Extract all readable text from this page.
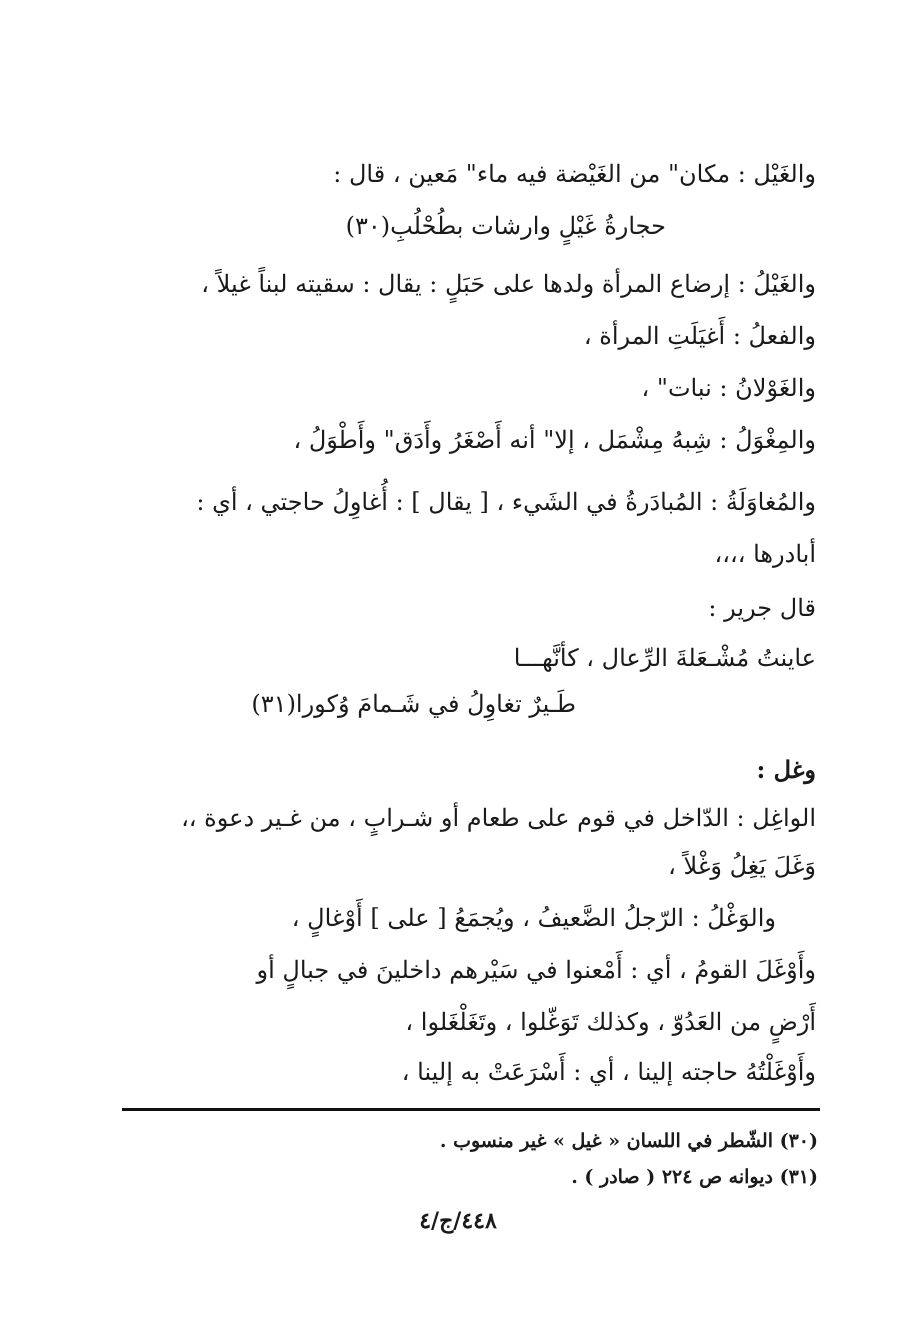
والغَيْل : مكان" من الغَيْضة فيه ماء" مَعين ، قال :
حجارةُ غَيْلٍ وارشات بطُحْلُبِ(٣٠)
والغَيْلُ : إرضاع المرأة ولدها على حَبَلٍ : يقال : سقيته لبناً غيلاً ،
والفعلُ : أَغيَلَتِ المرأة ،
والغَوْلانُ : نبات" ،
والمِغْوَلُ : شِبهُ مِشْمَل ، إلا" أنه أَصْغَرُ وأَدَق" وأَطْوَلُ ،
والمُغاوَلَةُ : المُبادَرةُ في الشَيء ، [ يقال ] : أُغاوِلُ حاجتي ، أي :
أبادرها ،،،،
قال جرير :
عاينتُ مُشْـعَلةَ الرِّعال ، كأنَّهـــا
طَـيرٌ تغاوِلُ في شَـمامَ وُكورا(٣١)
وغل :
الواغِل : الدّاخل في قوم على طعام أو شـرابٍ ، من غـير دعوة ،،
وَغَلَ يَغِلُ وَغْلاً ،
والوَغْلُ : الرّجلُ الضَّعيفُ ، ويُجمَعُ [ على ] أَوْغالٍ ،
وأَوْغَلَ القومُ ، أي : أَمْعنوا في سَيْرهم داخلينَ في جبالٍ أو
أَرْضٍ من العَدُوّ ، وكذلك تَوَغّلوا ، وتَغَلْغَلوا ،
وأَوْغَلْتُهُ حاجته إلينا ، أي : أَسْرَعَتْ به إلينا ،
(٣٠) الشّطر في اللسان « غيل » غير منسوب .
(٣١) ديوانه ص ٢٢٤ ( صادر ) .
٤٤٨/ج/٤
